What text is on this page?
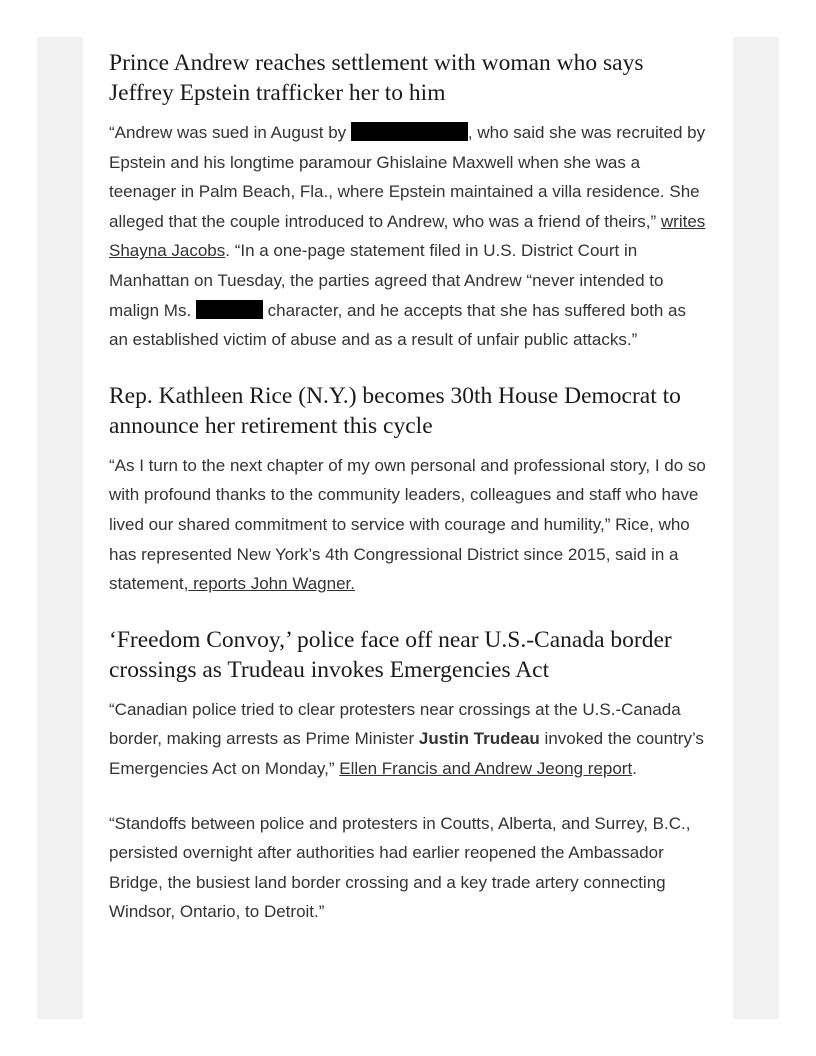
Prince Andrew reaches settlement with woman who says Jeffrey Epstein trafficker her to him

“Andrew was sued in August by	, who said she was recruited by Epstein and his longtime paramour Ghislaine Maxwell when she was a teenager in Palm Beach, Fla., where Epstein maintained a villa residence. She alleged that the couple introduced to Andrew, who was a friend of theirs,” writes Shayna Jacobs. “In a one-page statement filed in U.S. District Court in Manhattan on Tuesday, the parties agreed that Andrew “never intended to malign Ms.	character, and he accepts that she has suffered both as an established victim of abuse and as a result of unfair public attacks.”

Rep. Kathleen Rice (N.Y.) becomes 30th House Democrat to announce her retirement this cycle

“As I turn to the next chapter of my own personal and professional story, I do so with profound thanks to the community leaders, colleagues and staff who have lived our shared commitment to service with courage and humility,” Rice, who has represented New York’s 4th Congressional District since 2015, said in a statement, reports John Wagner.

‘Freedom Convoy,’ police face off near U.S.-Canada border crossings as Trudeau invokes Emergencies Act

“Canadian police tried to clear protesters near crossings at the U.S.-Canada border, making arrests as Prime Minister Justin Trudeau invoked the country’s Emergencies Act on Monday,” Ellen Francis and Andrew Jeong report.

“Standoffs between police and protesters in Coutts, Alberta, and Surrey, B.C., persisted overnight after authorities had earlier reopened the Ambassador Bridge, the busiest land border crossing and a key trade artery connecting Windsor, Ontario, to Detroit.”
